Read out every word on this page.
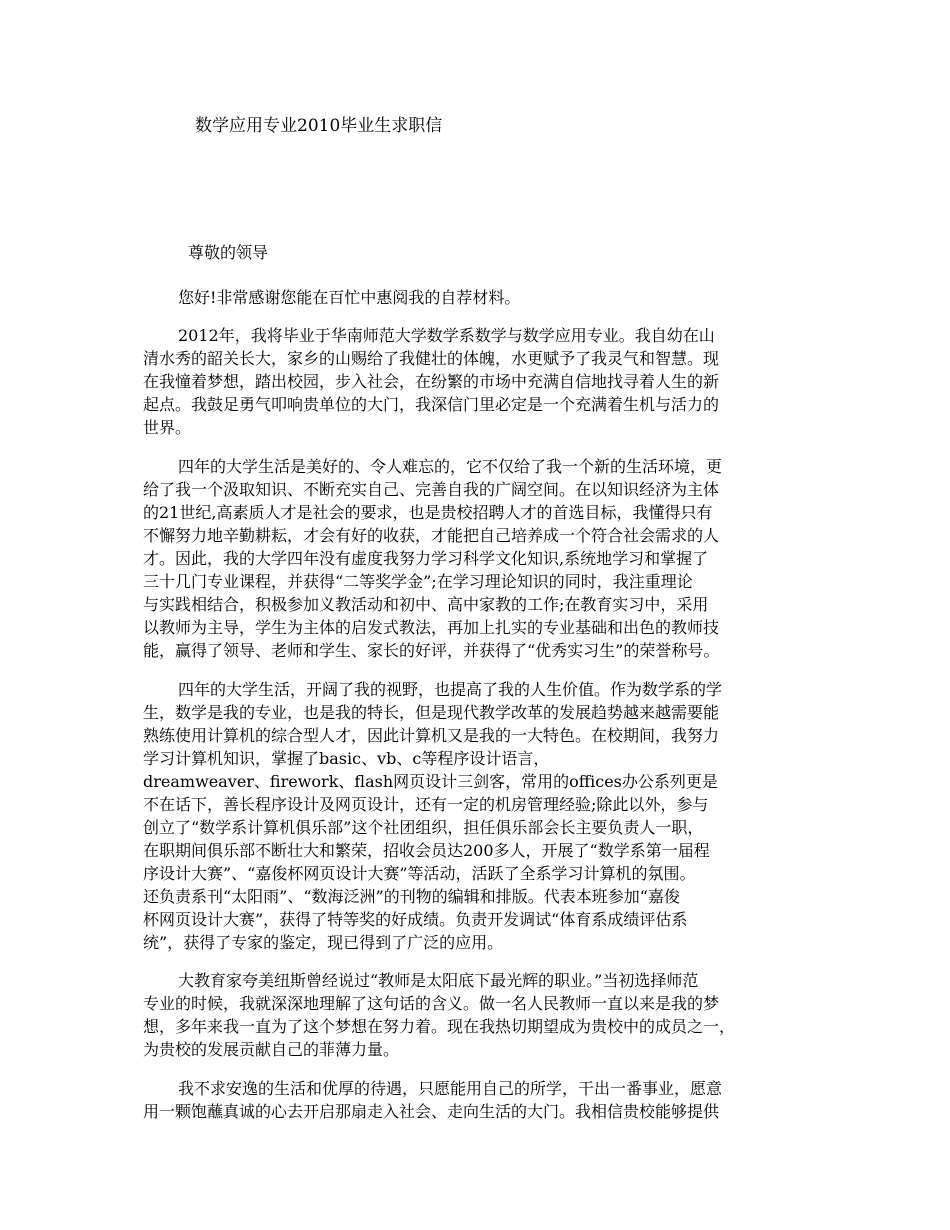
数学应用专业2010毕业生求职信
尊敬的领导
您好!非常感谢您能在百忙中惠阅我的自荐材料。
2012年，我将毕业于华南师范大学数学系数学与数学应用专业。我自幼在山
清水秀的韶关长大，家乡的山赐给了我健壮的体魄，水更赋予了我灵气和智慧。现
在我憧着梦想，踏出校园，步入社会，在纷繁的市场中充满自信地找寻着人生的新
起点。我鼓足勇气叩响贵单位的大门，我深信门里必定是一个充满着生机与活力的
世界。
四年的大学生活是美好的、令人难忘的，它不仅给了我一个新的生活环境，更
给了我一个汲取知识、不断充实自己、完善自我的广阔空间。在以知识经济为主体
的21世纪,高素质人才是社会的要求，也是贵校招聘人才的首选目标，我懂得只有
不懈努力地辛勤耕耘，才会有好的收获，才能把自己培养成一个符合社会需求的人
才。因此，我的大学四年没有虚度我努力学习科学文化知识,系统地学习和掌握了
三十几门专业课程，并获得“二等奖学金”;在学习理论知识的同时，我注重理论
与实践相结合，积极参加义教活动和初中、高中家教的工作;在教育实习中，采用
以教师为主导，学生为主体的启发式教法，再加上扎实的专业基础和出色的教师技
能，赢得了领导、老师和学生、家长的好评，并获得了“优秀实习生”的荣誉称号。
四年的大学生活，开阔了我的视野，也提高了我的人生价值。作为数学系的学
生，数学是我的专业，也是我的特长，但是现代教学改革的发展趋势越来越需要能
熟练使用计算机的综合型人才，因此计算机又是我的一大特色。在校期间，我努力
学习计算机知识，掌握了basic、vb、c等程序设计语言，
dreamweaver、firework、flash网页设计三剑客，常用的offices办公系列更是
不在话下，善长程序设计及网页设计，还有一定的机房管理经验;除此以外，参与
创立了“数学系计算机俱乐部”这个社团组织，担任俱乐部会长主要负责人一职，
在职期间俱乐部不断壮大和繁荣，招收会员达200多人，开展了“数学系第一届程
序设计大赛”、“嘉俊杯网页设计大赛”等活动，活跃了全系学习计算机的氛围。
还负责系刊“太阳雨”、“数海泛洲”的刊物的编辑和排版。代表本班参加“嘉俊
杯网页设计大赛”，获得了特等奖的好成绩。负责开发调试“体育系成绩评估系
统”，获得了专家的鉴定，现已得到了广泛的应用。
大教育家夸美纽斯曾经说过“教师是太阳底下最光辉的职业。”当初选择师范
专业的时候，我就深深地理解了这句话的含义。做一名人民教师一直以来是我的梦
想，多年来我一直为了这个梦想在努力着。现在我热切期望成为贵校中的成员之一，
为贵校的发展贡献自己的菲薄力量。
我不求安逸的生活和优厚的待遇，只愿能用自己的所学，干出一番事业，愿意
用一颗饱蘸真诚的心去开启那扇走入社会、走向生活的大门。我相信贵校能够提供
